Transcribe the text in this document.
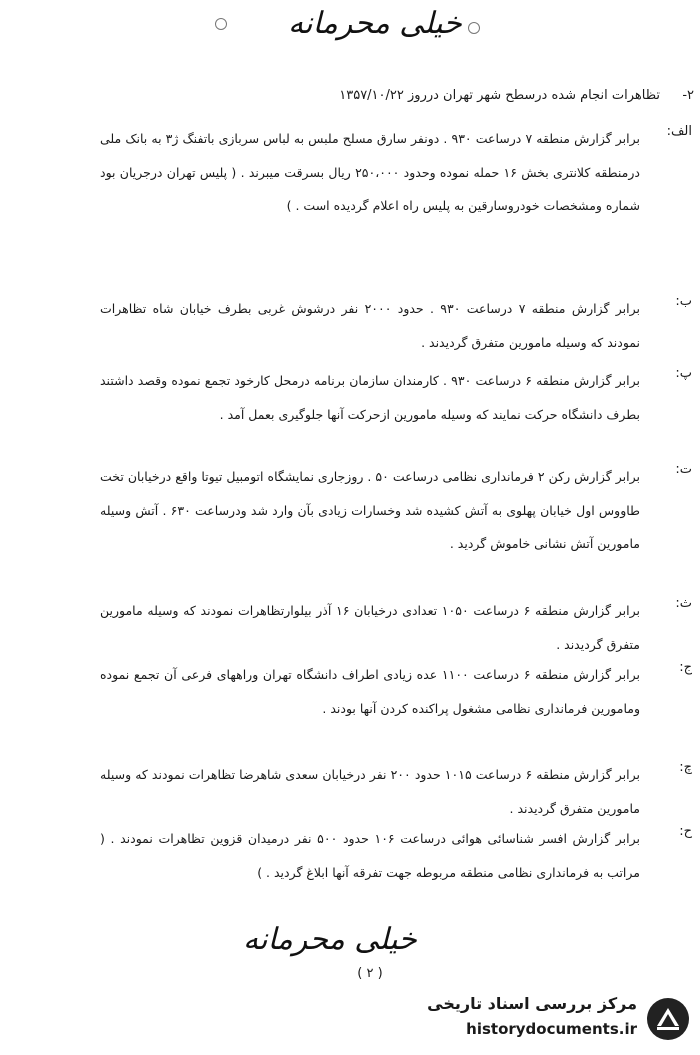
خیلی محرمانه
۲-
تظاهرات انجام شده درسطح شهر تهران درروز ۱۳۵۷/۱۰/۲۲
الف:
برابر گزارش منطقه ۷ درساعت ۹۳۰ . دونفر سارق مسلح ملبس به لباس سربازی باتفنگ ژ۳ به بانک ملی درمنطقه کلانتری بخش ۱۶ حمله نموده وحدود ۲۵۰،۰۰۰ ریال بسرقت میبرند . ( پلیس تهران درجریان بود شماره ومشخصات خودروسارقین به پلیس راه اعلام گردیده است . )
ب:
برابر گزارش منطقه ۷ درساعت ۹۳۰ . حدود ۲۰۰۰ نفر درشوش غربی بطرف خیابان شاه تظاهرات نمودند که وسیله مامورین متفرق گردیدند .
پ:
برابر گزارش منطقه ۶ درساعت ۹۳۰ . کارمندان سازمان برنامه درمحل کارخود تجمع نموده وقصد داشتند بطرف دانشگاه حرکت نمایند که وسیله مامورین ازحرکت آنها جلوگیری بعمل آمد .
ت:
برابر گزارش رکن ۲ فرمانداری نظامی درساعت ۵۰ . روزجاری نمایشگاه اتومبیل تیوتا واقع درخیابان تخت طاووس اول خیابان پهلوی به آتش کشیده شد وخسارات زیادی بآن وارد شد ودرساعت ۶۳۰ . آتش وسیله مامورین آتش نشانی خاموش گردید .
ث:
برابر گزارش منطقه ۶ درساعت ۱۰۵۰ تعدادی درخیابان ۱۶ آذر بیلوارتظاهرات نمودند که وسیله مامورین متفرق گردیدند .
ج:
برابر گزارش منطقه ۶ درساعت ۱۱۰۰ عده زیادی اطراف دانشگاه تهران وراههای فرعی آن تجمع نموده ومامورین فرمانداری نظامی مشغول پراکنده کردن آنها بودند .
چ:
برابر گزارش منطقه ۶ درساعت ۱۰۱۵ حدود ۲۰۰ نفر درخیابان سعدی شاهرضا تظاهرات نمودند که وسیله مامورین متفرق گردیدند .
ح:
برابر گزارش افسر شناسائی هوائی درساعت ۱۰۶ حدود ۵۰۰ نفر درمیدان قزوین تظاهرات نمودند . ( مراتب به فرمانداری نظامی منطقه مربوطه جهت تفرقه آنها ابلاغ گردید . )
خیلی محرمانه
( ۲ )
مرکز بررسی اسناد تاریخی
historydocuments.ir
